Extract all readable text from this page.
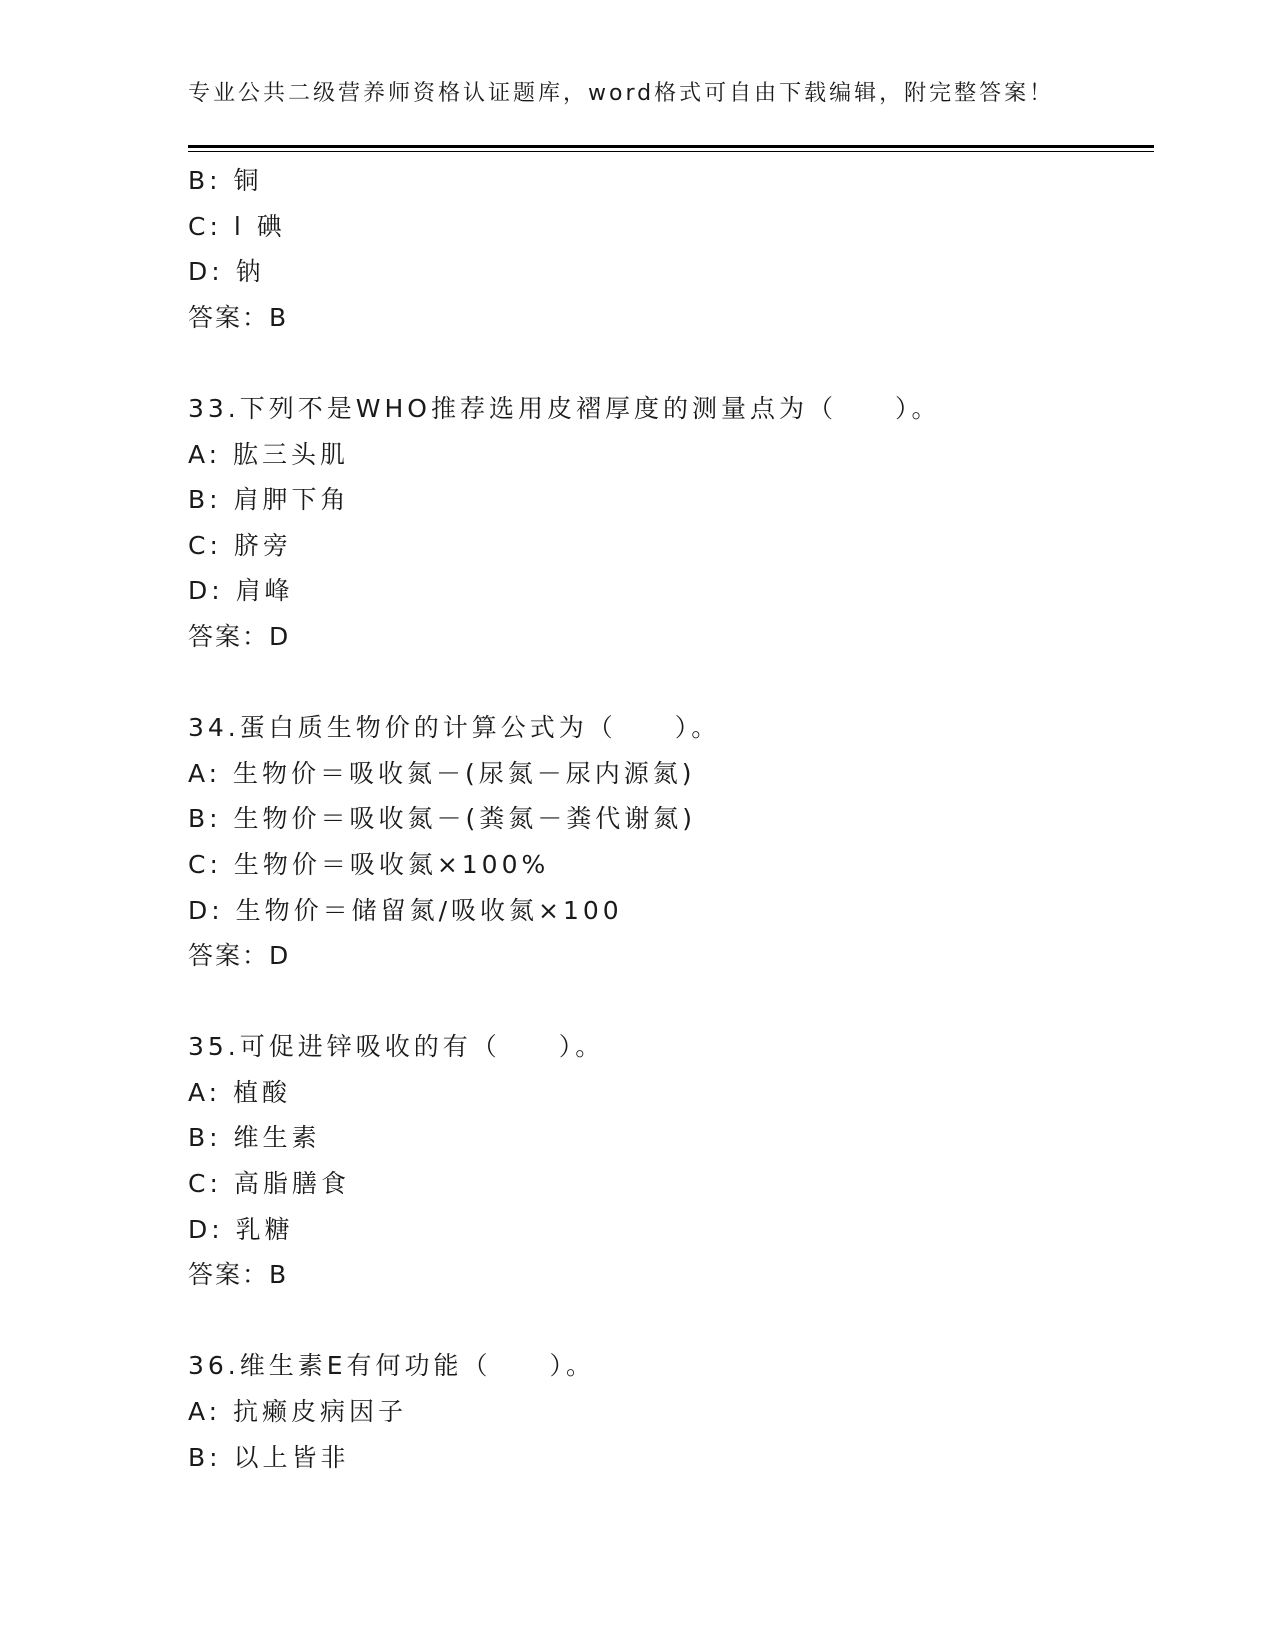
专业公共二级营养师资格认证题库，word格式可自由下载编辑，附完整答案！
B: 铜
C: l 碘
D: 钠
答案：B
33.下列不是WHO推荐选用皮褶厚度的测量点为（　　）。
A: 肱三头肌
B: 肩胛下角
C: 脐旁
D: 肩峰
答案：D
34.蛋白质生物价的计算公式为（　　）。
A: 生物价＝吸收氮－(尿氮－尿内源氮)
B: 生物价＝吸收氮－(粪氮－粪代谢氮)
C: 生物价＝吸收氮×100%
D: 生物价＝储留氮/吸收氮×100
答案：D
35.可促进锌吸收的有（　　）。
A: 植酸
B: 维生素
C: 高脂膳食
D: 乳糖
答案：B
36.维生素E有何功能（　　）。
A: 抗癞皮病因子
B: 以上皆非
